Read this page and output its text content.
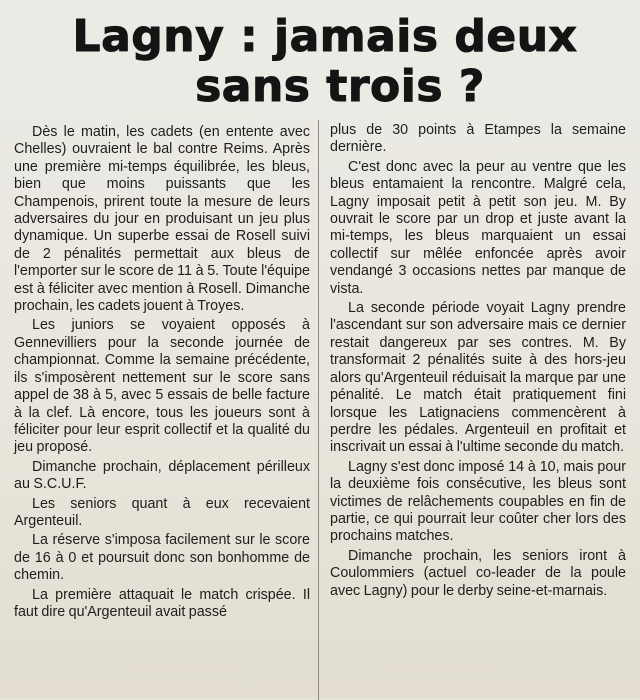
Lagny : jamais deux
sans trois ?

Dès le matin, les cadets (en entente avec Chelles) ouvraient le bal contre Reims. Après une première mi-temps équilibrée, les bleus, bien que moins puissants que les Champenois, prirent toute la mesure de leurs adversaires du jour en produisant un jeu plus dynamique. Un superbe essai de Rosell suivi de 2 pénalités permettait aux bleus de l'emporter sur le score de 11 à 5. Toute l'équipe est à féliciter avec mention à Rosell. Dimanche prochain, les cadets jouent à Troyes.

Les juniors se voyaient opposés à Gennevilliers pour la seconde journée de championnat. Comme la semaine précédente, ils s'imposèrent nettement sur le score sans appel de 38 à 5, avec 5 essais de belle facture à la clef. Là encore, tous les joueurs sont à féliciter pour leur esprit collectif et la qualité du jeu proposé.

Dimanche prochain, déplacement périlleux au S.C.U.F.

Les seniors quant à eux recevaient Argenteuil.

La réserve s'imposa facilement sur le score de 16 à 0 et poursuit donc son bonhomme de chemin.

La première attaquait le match crispée. Il faut dire qu'Argenteuil avait passé

plus de 30 points à Etampes la semaine dernière.

C'est donc avec la peur au ventre que les bleus entamaient la rencontre. Malgré cela, Lagny imposait petit à petit son jeu. M. By ouvrait le score par un drop et juste avant la mi-temps, les bleus marquaient un essai collectif sur mêlée enfoncée après avoir vendangé 3 occasions nettes par manque de vista.

La seconde période voyait Lagny prendre l'ascendant sur son adversaire mais ce dernier restait dangereux par ses contres. M. By transformait 2 pénalités suite à des hors-jeu alors qu'Argenteuil réduisait la marque par une pénalité. Le match était pratiquement fini lorsque les Latignaciens commencèrent à perdre les pédales. Argenteuil en profitait et inscrivait un essai à l'ultime seconde du match.

Lagny s'est donc imposé 14 à 10, mais pour la deuxième fois consécutive, les bleus sont victimes de relâchements coupables en fin de partie, ce qui pourrait leur coûter cher lors des prochains matches.

Dimanche prochain, les seniors iront à Coulommiers (actuel co-leader de la poule avec Lagny) pour le derby seine-et-marnais.
